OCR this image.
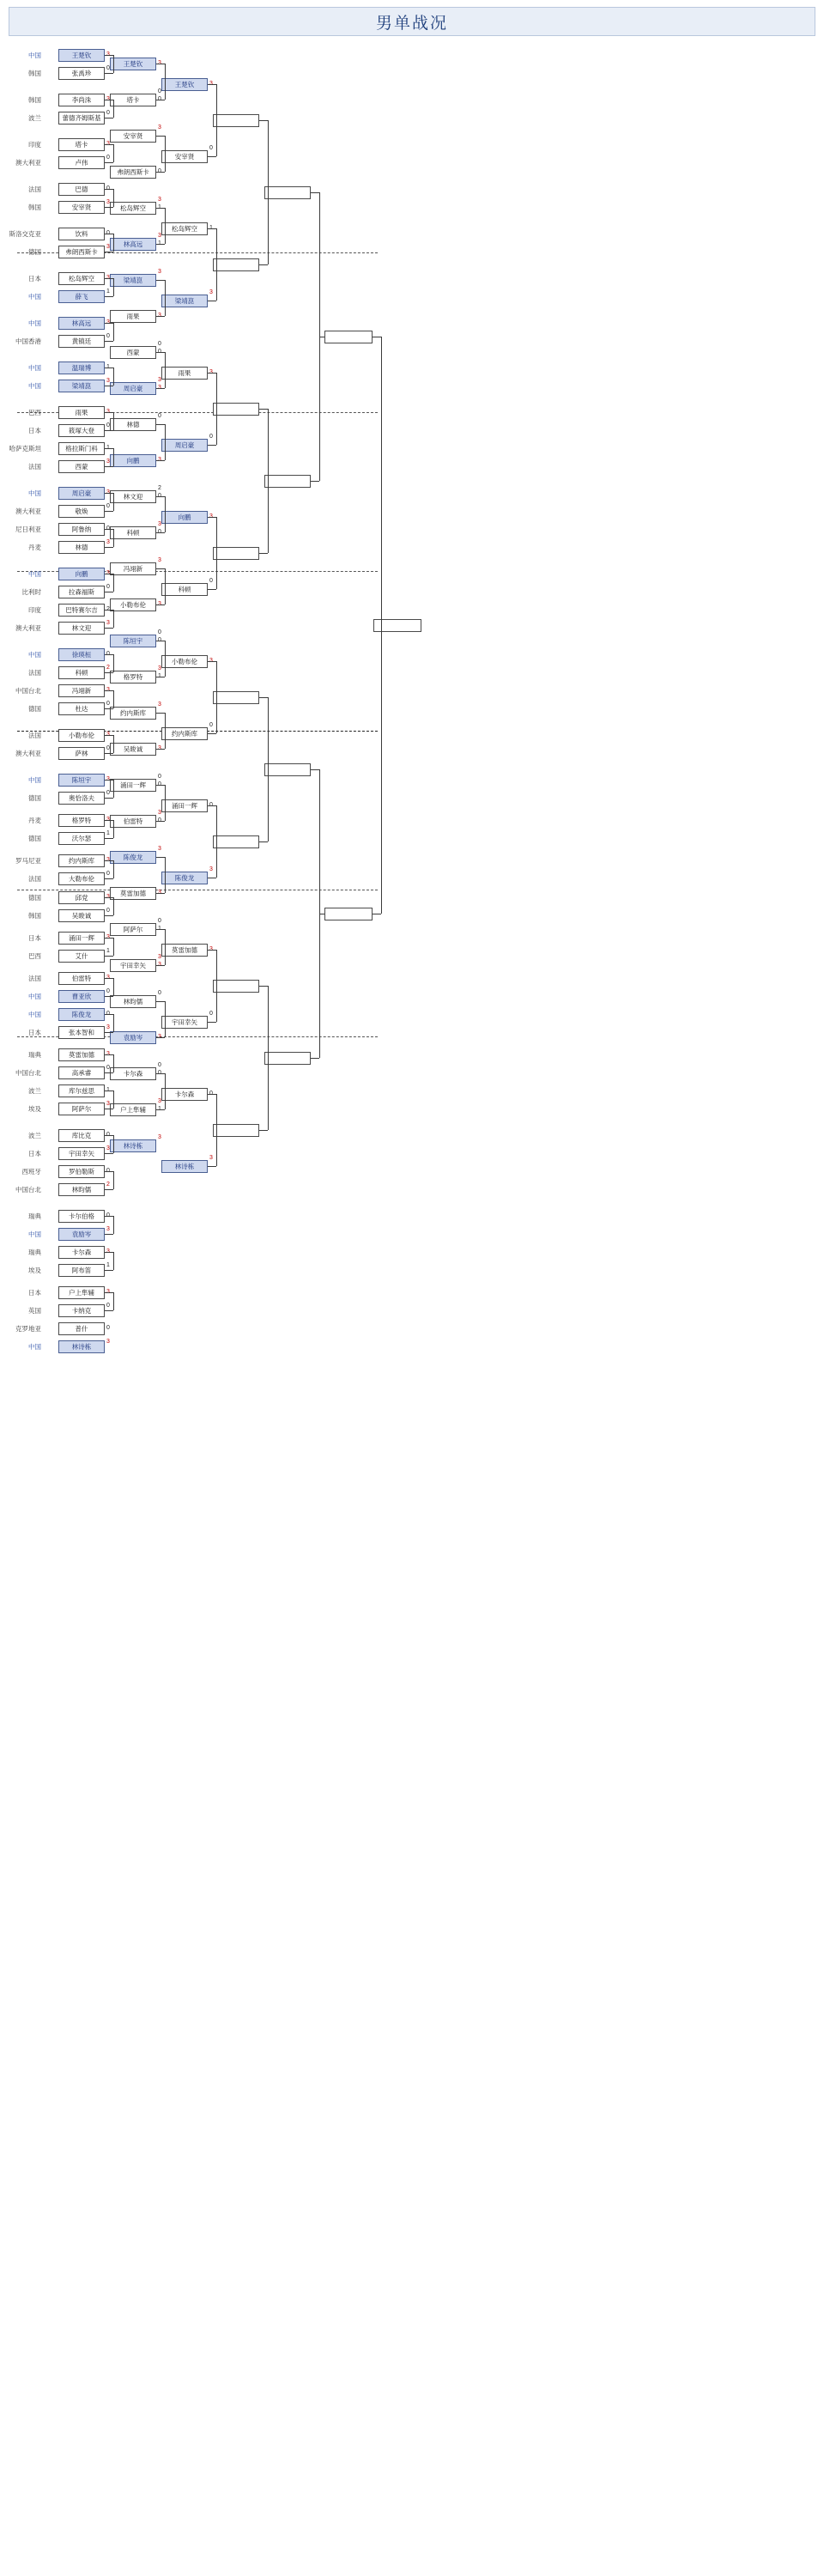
男单战况
中国
韩国
韩国
波兰
印度
澳大利亚
法国
韩国
斯洛交克亚
德国
日本
中国
中国
中国香港
中国
中国
巴西
日本
哈萨克斯坦
法国
中国
澳大利亚
尼日利亚
丹麦
中国
比利时
印度
澳大利亚
中国
法国
中国台北
德国
法国
澳大利亚
中国
德国
丹麦
德国
罗马尼亚
法国
德国
韩国
日本
巴西
法国
中国
中国
日本
瑞典
中国台北
波兰
埃及
波兰
日本
西班牙
中国台北
瑞典
中国
瑞典
埃及
日本
英国
克罗地亚
中国
王楚钦
张禹珍
李尚洙
蕾德齐姆斯基
塔卡
卢伟
巴德
安宰贤
饮料
弗朗西斯卡
松岛辉空
薛飞
林高远
黄镇廷
温瑞博
梁靖崑
雨果
筱塚大登
格拉斯门科
西蒙
周启豪
敬焕
阿鲁纳
林德
向鹏
拉森福斯
巴特赛尔吉
林文迎
徐瑛桓
科顿
冯翊新
杜达
小勒布伦
萨林
陈垣宇
奥恰洛夫
格罗特
沃尔瑟
约内斯库
大勒布伦
邱党
吴晙诚
涌田一辉
艾什
伯雷特
曹亚欣
陈俊龙
张本智和
莫雷加德
高承睿
库尔兹思
阿萨尔
库比克
宇田幸矢
罗伯勒斯
林昀儒
卡尔伯格
袁励岑
卡尔森
阿布笛
户上隼辅
卡纳克
普什
林诗栋
0
0
0
3
3
1
0
3
0
3
0
3
0
3
2
0
0
0
1
0
0
1
0
3
0
3
3
2
3
1
0
0
3
王楚钦
塔卡
安宰贤
弗朗西斯卡
松岛辉空
林高远
梁靖崑
雨果
西蒙
周启豪
林德
向鹏
林文迎
科顿
冯翊新
小勒布伦
陈垣宇
格罗特
约内斯库
吴晙诚
涌田一辉
伯雷特
陈俊龙
莫雷加德
阿萨尔
宇田幸矢
林昀儒
袁励岑
卡尔森
户上隼辅
林诗栋
0
3
3
3
3
0
3
0
2
3
3
0
3
3
0
3
3
0
3
0
0
3
3
王楚钦
安宰贤
松岛辉空
梁靖崑
雨果
周启豪
向鹏
科顿
小勒布伦
约内斯库
涌田一辉
陈俊龙
莫雷加德
宇田幸矢
卡尔森
林诗栋
0
3
0
0
0
3
0
3
